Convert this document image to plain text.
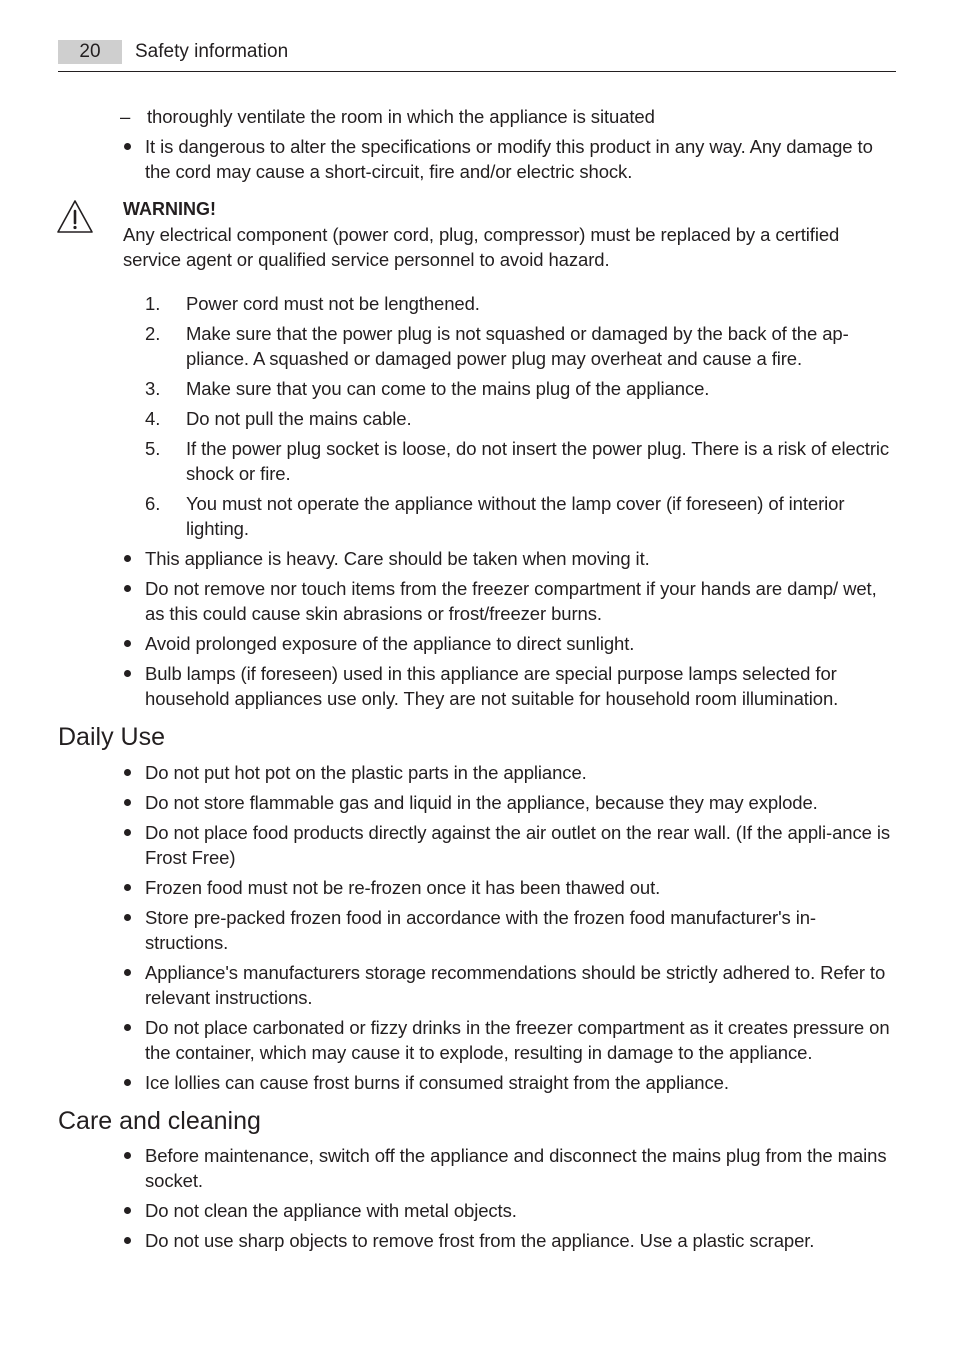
20	Safety information
– thoroughly ventilate the room in which the appliance is situated
It is dangerous to alter the specifications or modify this product in any way. Any damage to the cord may cause a short-circuit, fire and/or electric shock.
WARNING!
Any electrical component (power cord, plug, compressor) must be replaced by a certified service agent or qualified service personnel to avoid hazard.
1.	Power cord must not be lengthened.
2.	Make sure that the power plug is not squashed or damaged by the back of the ap-pliance. A squashed or damaged power plug may overheat and cause a fire.
3.	Make sure that you can come to the mains plug of the appliance.
4.	Do not pull the mains cable.
5.	If the power plug socket is loose, do not insert the power plug. There is a risk of electric shock or fire.
6.	You must not operate the appliance without the lamp cover (if foreseen) of interior lighting.
This appliance is heavy. Care should be taken when moving it.
Do not remove nor touch items from the freezer compartment if your hands are damp/ wet, as this could cause skin abrasions or frost/freezer burns.
Avoid prolonged exposure of the appliance to direct sunlight.
Bulb lamps (if foreseen) used in this appliance are special purpose lamps selected for household appliances use only. They are not suitable for household room illumination.
Daily Use
Do not put hot pot on the plastic parts in the appliance.
Do not store flammable gas and liquid in the appliance, because they may explode.
Do not place food products directly against the air outlet on the rear wall. (If the appli-ance is Frost Free)
Frozen food must not be re-frozen once it has been thawed out.
Store pre-packed frozen food in accordance with the frozen food manufacturer's in-structions.
Appliance's manufacturers storage recommendations should be strictly adhered to. Refer to relevant instructions.
Do not place carbonated or fizzy drinks in the freezer compartment as it creates pressure on the container, which may cause it to explode, resulting in damage to the appliance.
Ice lollies can cause frost burns if consumed straight from the appliance.
Care and cleaning
Before maintenance, switch off the appliance and disconnect the mains plug from the mains socket.
Do not clean the appliance with metal objects.
Do not use sharp objects to remove frost from the appliance. Use a plastic scraper.
